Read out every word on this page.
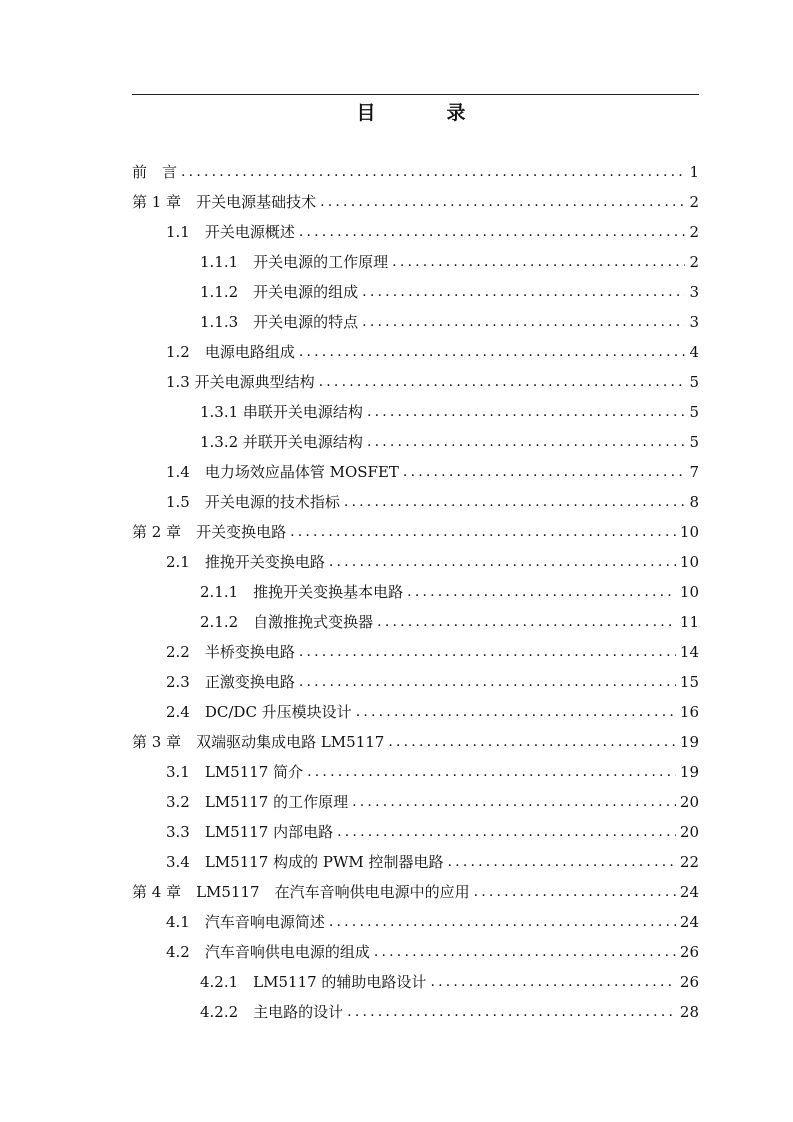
目　录
前　言 .....	1
第 1 章　开关电源基础技术 .....	2
1.1　开关电源概述 .....	2
1.1.1　开关电源的工作原理 .....	2
1.1.2　开关电源的组成 .....	3
1.1.3　开关电源的特点 .....	3
1.2　电源电路组成 .....	4
1.3 开关电源典型结构 .....	5
1.3.1 串联开关电源结构 .....	5
1.3.2 并联开关电源结构 .....	5
1.4　电力场效应晶体管 MOSFET .....	7
1.5　开关电源的技术指标 .....	8
第 2 章　开关变换电路 .....	10
2.1　推挽开关变换电路 .....	10
2.1.1　推挽开关变换基本电路 .....	10
2.1.2　自激推挽式变换器 .....	11
2.2　半桥变换电路 .....	14
2.3　正激变换电路 .....	15
2.4　DC/DC 升压模块设计 .....	16
第 3 章　双端驱动集成电路 LM5117 .....	19
3.1　LM5117 简介 .....	19
3.2　LM5117 的工作原理 .....	20
3.3　LM5117 内部电路 .....	20
3.4　LM5117 构成的 PWM 控制器电路 .....	22
第 4 章　LM5117　在汽车音响供电电源中的应用 .....	24
4.1　汽车音响电源简述 .....	24
4.2　汽车音响供电电源的组成 .....	26
4.2.1　LM5117 的辅助电路设计 .....	26
4.2.2　主电路的设计 .....	28
